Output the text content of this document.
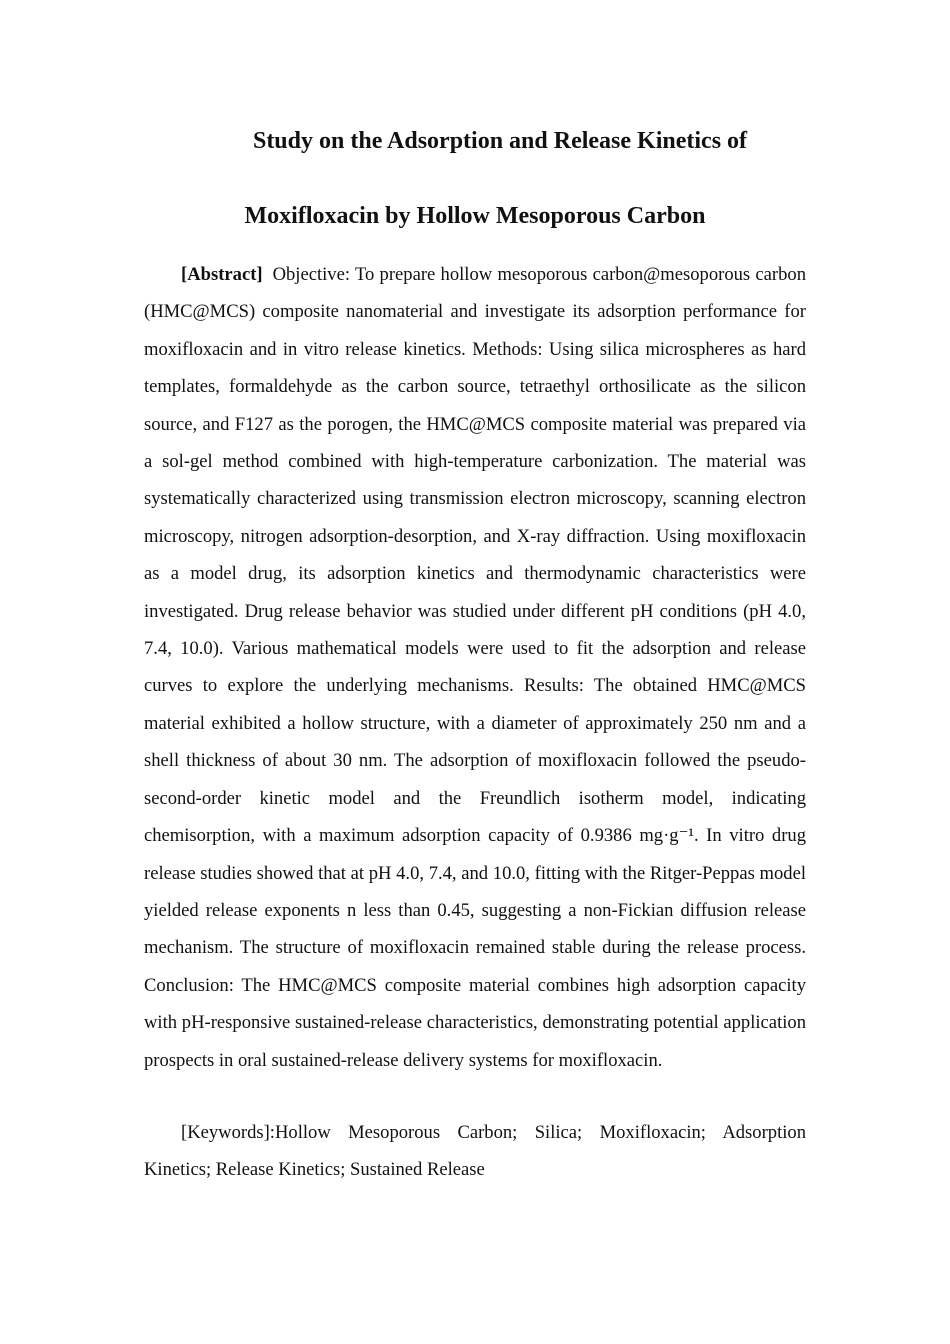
Study on the Adsorption and Release Kinetics of
Moxifloxacin by Hollow Mesoporous Carbon

[Abstract] Objective: To prepare hollow mesoporous carbon@mesoporous carbon (HMC@MCS) composite nanomaterial and investigate its adsorption performance for moxifloxacin and in vitro release kinetics. Methods: Using silica microspheres as hard templates, formaldehyde as the carbon source, tetraethyl orthosilicate as the silicon source, and F127 as the porogen, the HMC@MCS composite material was prepared via a sol-gel method combined with high-temperature carbonization. The material was systematically characterized using transmission electron microscopy, scanning electron microscopy, nitrogen adsorption-desorption, and X-ray diffraction. Using moxifloxacin as a model drug, its adsorption kinetics and thermodynamic characteristics were investigated. Drug release behavior was studied under different pH conditions (pH 4.0, 7.4, 10.0). Various mathematical models were used to fit the adsorption and release curves to explore the underlying mechanisms. Results: The obtained HMC@MCS material exhibited a hollow structure, with a diameter of approximately 250 nm and a shell thickness of about 30 nm. The adsorption of moxifloxacin followed the pseudo-second-order kinetic model and the Freundlich isotherm model, indicating chemisorption, with a maximum adsorption capacity of 0.9386 mg·g⁻¹. In vitro drug release studies showed that at pH 4.0, 7.4, and 10.0, fitting with the Ritger-Peppas model yielded release exponents n less than 0.45, suggesting a non-Fickian diffusion release mechanism. The structure of moxifloxacin remained stable during the release process. Conclusion: The HMC@MCS composite material combines high adsorption capacity with pH-responsive sustained-release characteristics, demonstrating potential application prospects in oral sustained-release delivery systems for moxifloxacin.

[Keywords]:Hollow Mesoporous Carbon; Silica; Moxifloxacin; Adsorption Kinetics; Release Kinetics; Sustained Release
